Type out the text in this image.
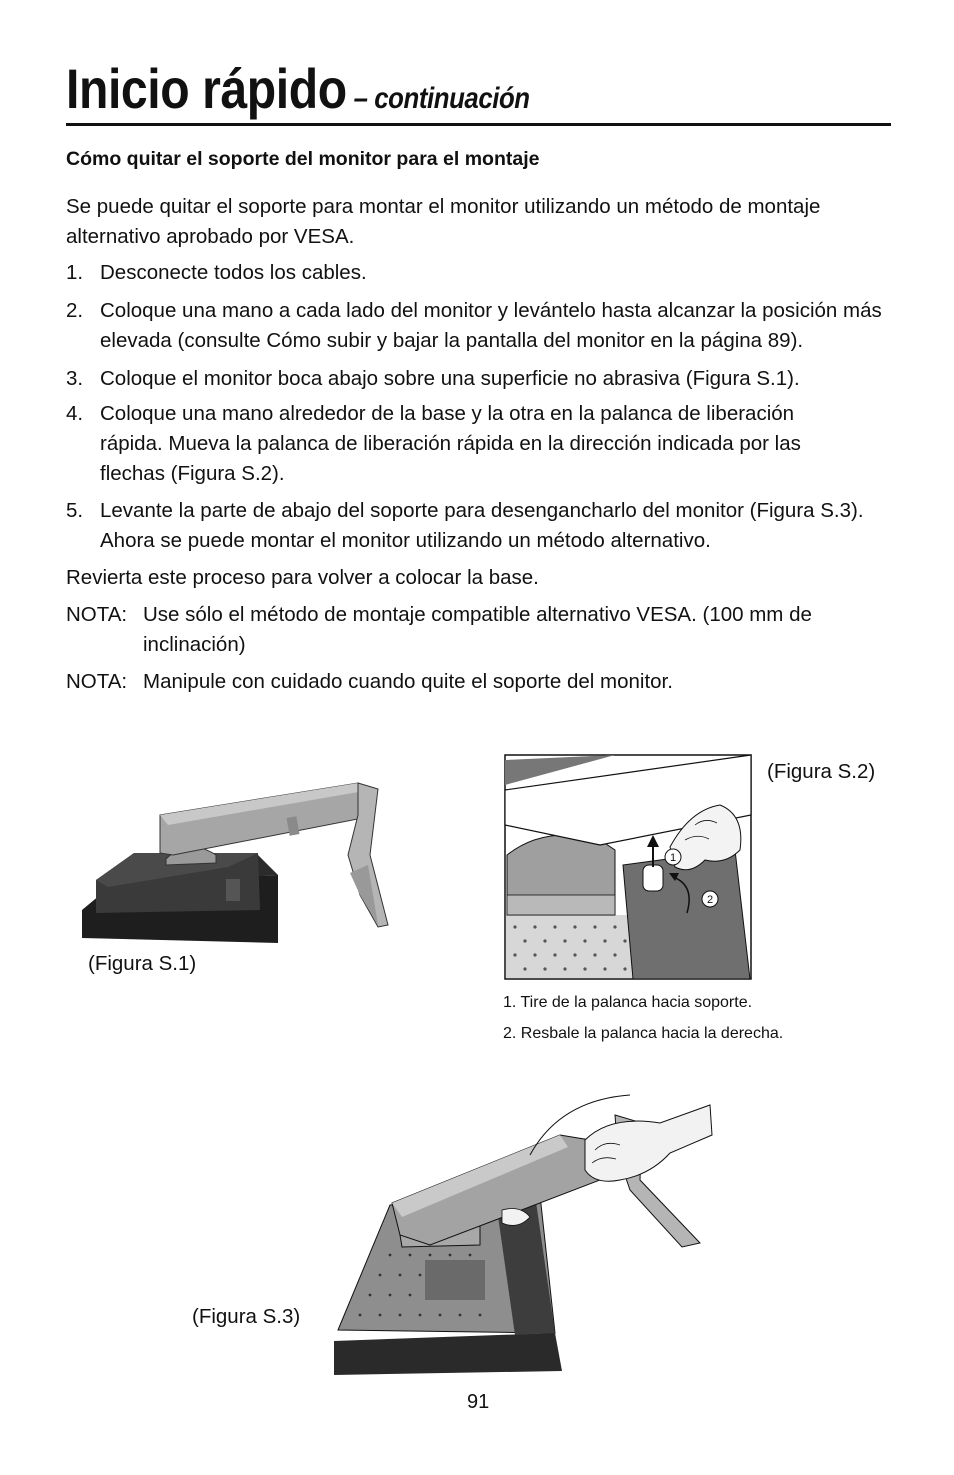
Inicio rápido – continuación
Cómo quitar el soporte del monitor para el montaje
Se puede quitar el soporte para montar el monitor utilizando un método de montaje alternativo aprobado por VESA.
1. Desconecte todos los cables.
2. Coloque una mano a cada lado del monitor y levántelo hasta alcanzar la posición más elevada (consulte Cómo subir y bajar la pantalla del monitor en la página 89).
3. Coloque el monitor boca abajo sobre una superficie no abrasiva (Figura S.1).
4. Coloque una mano alrededor de la base y la otra en la palanca de liberación rápida. Mueva la palanca de liberación rápida en la dirección indicada por las flechas (Figura S.2).
5. Levante la parte de abajo del soporte para desengancharlo del monitor (Figura S.3). Ahora se puede montar el monitor utilizando un método alternativo.
Revierta este proceso para volver a colocar la base.
NOTA: Use sólo el método de montaje compatible alternativo VESA. (100 mm de inclinación)
NOTA: Manipule con cuidado cuando quite el soporte del monitor.
(Figura S.1)
1
2
(Figura S.2)
1. Tire de la palanca hacia soporte.
2. Resbale la palanca hacia la derecha.
(Figura S.3)
91
